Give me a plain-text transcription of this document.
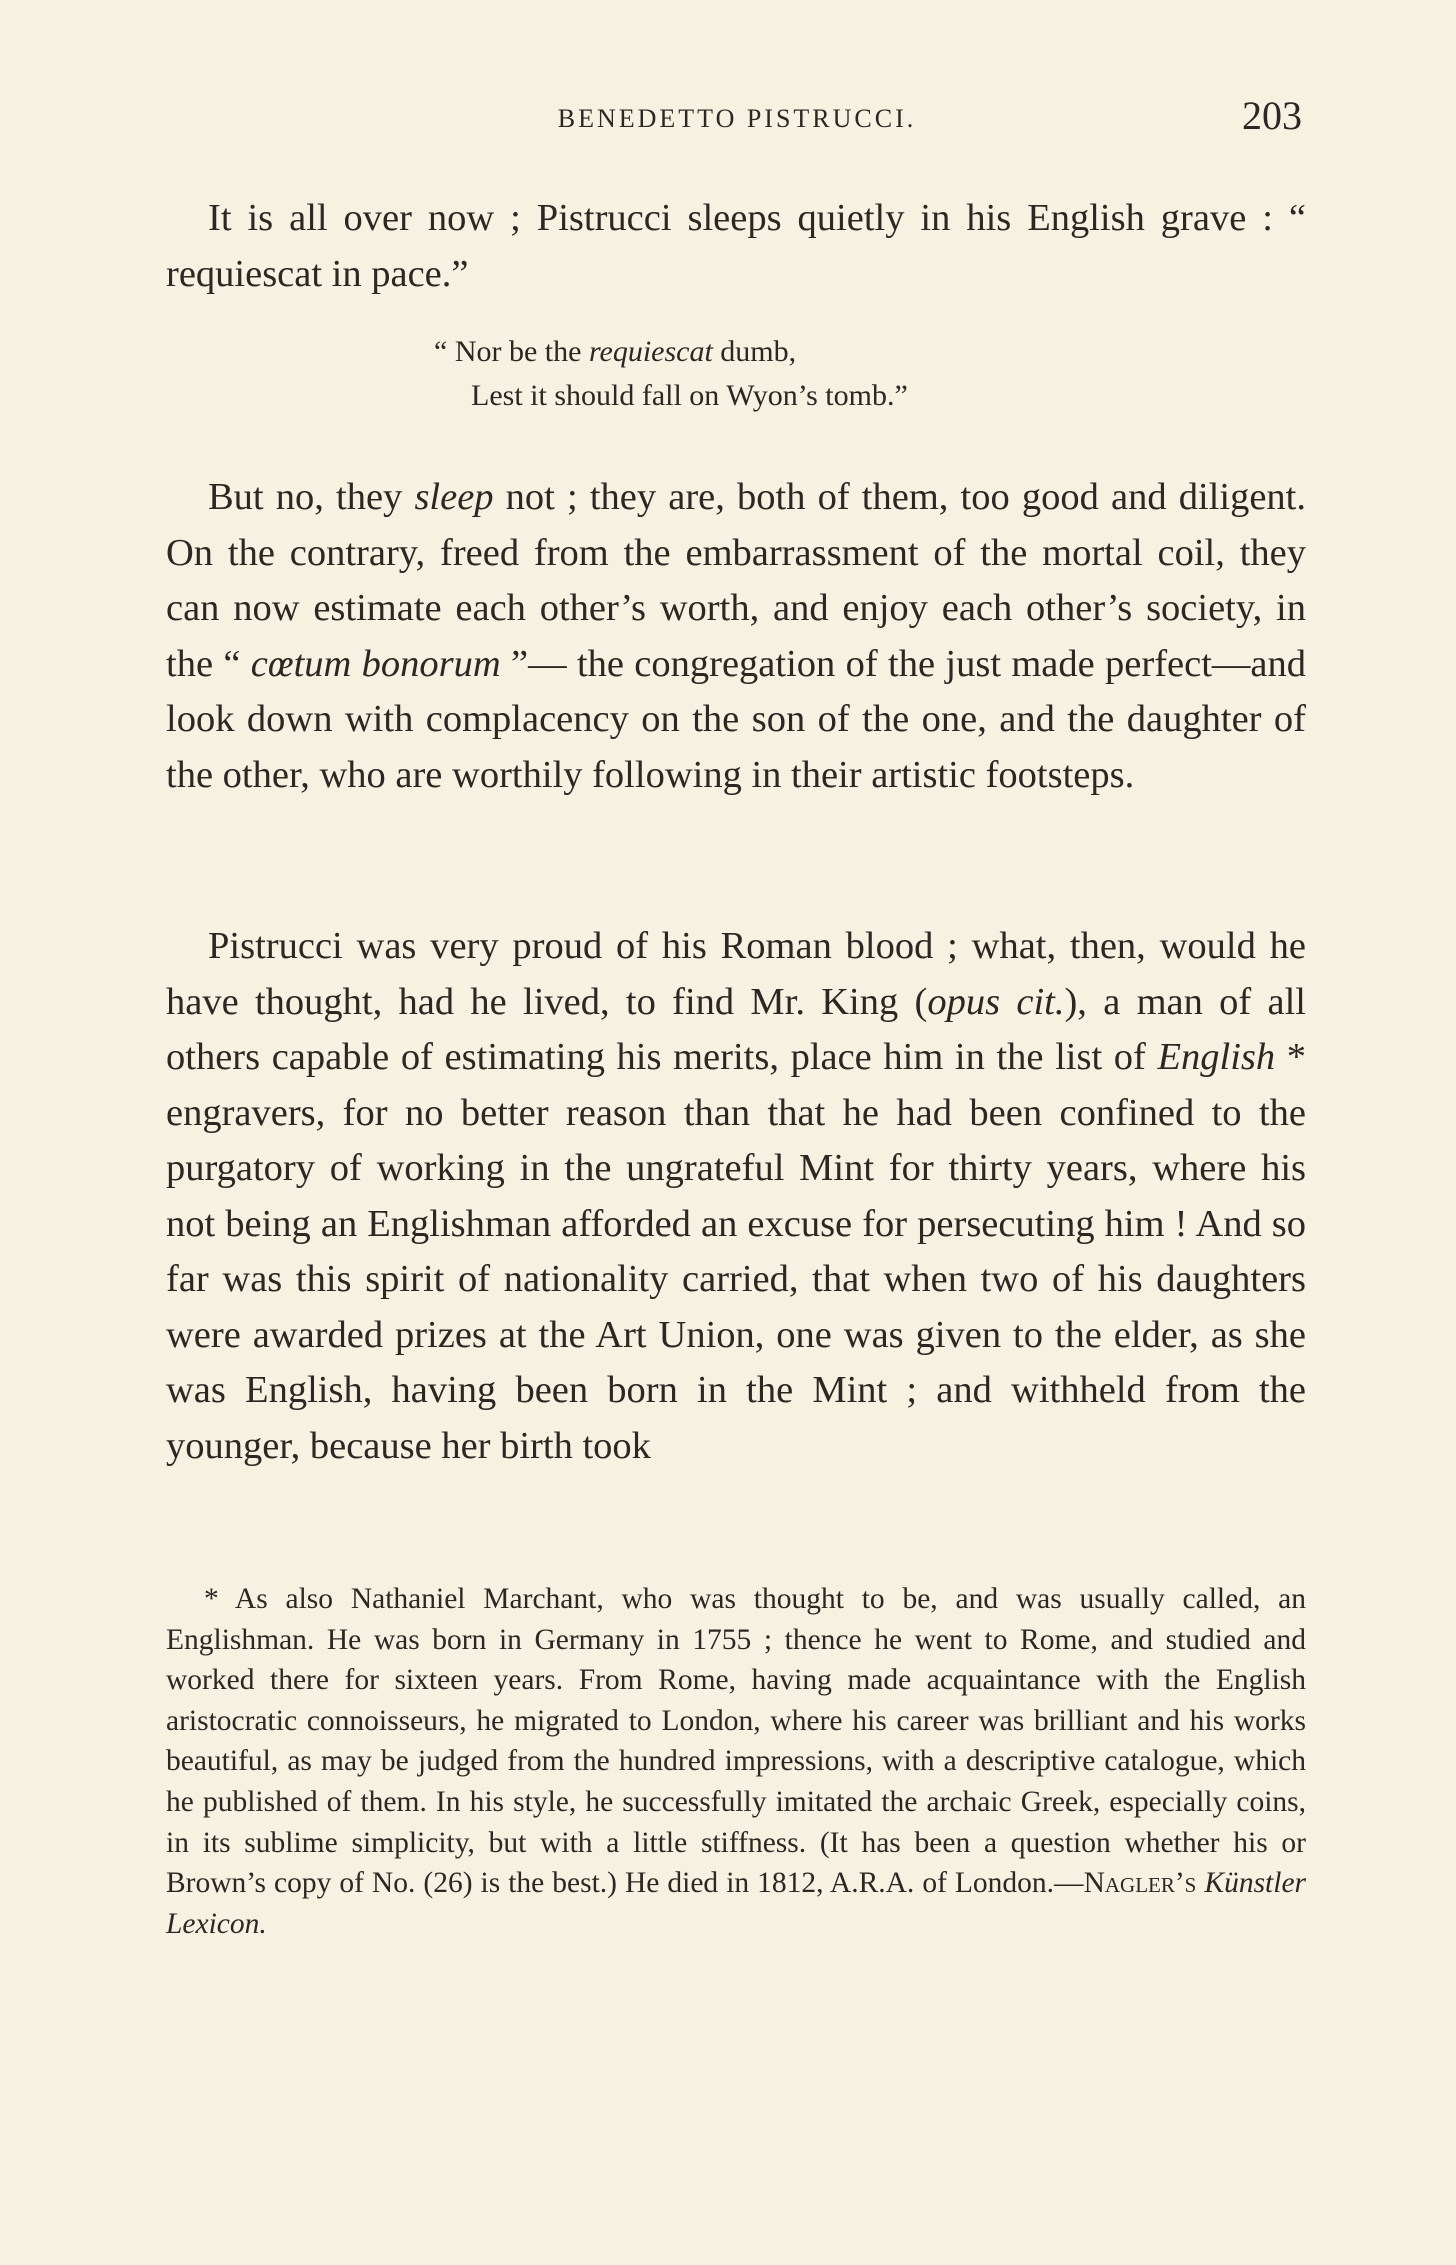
BENEDETTO PISTRUCCI.	203

It is all over now ; Pistrucci sleeps quietly in his English grave : “ requiescat in pace.”

“ Nor be the requiescat dumb,
Lest it should fall on Wyon’s tomb.”

But no, they sleep not ; they are, both of them, too good and diligent. On the contrary, freed from the embarrassment of the mortal coil, they can now estimate each other’s worth, and enjoy each other’s society, in the “ cœtum bonorum ”— the congregation of the just made perfect—and look down with complacency on the son of the one, and the daughter of the other, who are worthily following in their artistic footsteps.

Pistrucci was very proud of his Roman blood ; what, then, would he have thought, had he lived, to find Mr. King (opus cit.), a man of all others capable of estimating his merits, place him in the list of English * engravers, for no better reason than that he had been confined to the purgatory of working in the ungrateful Mint for thirty years, where his not being an Englishman afforded an excuse for persecuting him ! And so far was this spirit of nationality carried, that when two of his daughters were awarded prizes at the Art Union, one was given to the elder, as she was English, having been born in the Mint ; and withheld from the younger, because her birth took

* As also Nathaniel Marchant, who was thought to be, and was usually called, an Englishman. He was born in Germany in 1755 ; thence he went to Rome, and studied and worked there for sixteen years. From Rome, having made acquaintance with the English aristocratic connoisseurs, he migrated to London, where his career was brilliant and his works beautiful, as may be judged from the hundred impressions, with a descriptive catalogue, which he published of them. In his style, he successfully imitated the archaic Greek, especially coins, in its sublime simplicity, but with a little stiffness. (It has been a question whether his or Brown’s copy of No. (26) is the best.) He died in 1812, A.R.A. of London.—Nagler’s Künstler Lexicon.
